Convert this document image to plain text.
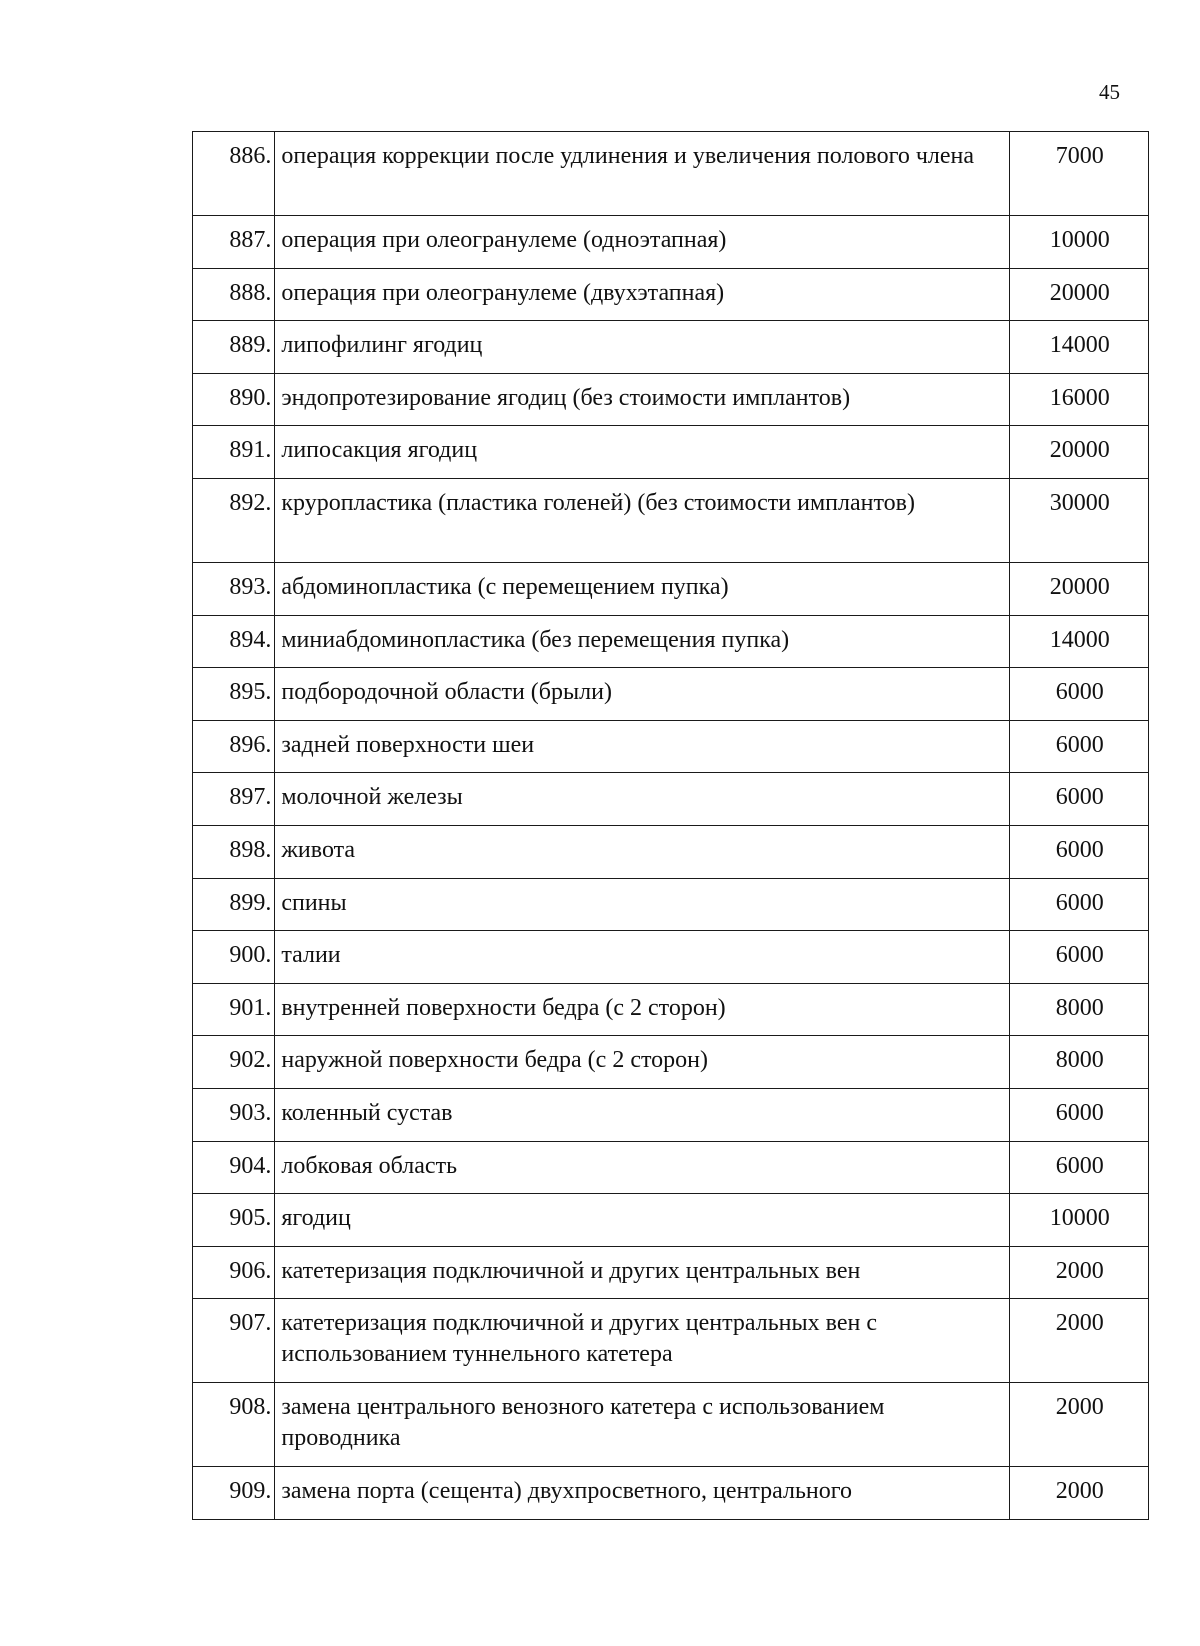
45
886.	операция коррекции после удлинения и увеличения полового члена	7000
887.	операция при олеогранулеме (одноэтапная)	10000
888.	операция при олеогранулеме (двухэтапная)	20000
889.	липофилинг ягодиц	14000
890.	эндопротезирование ягодиц (без стоимости имплантов)	16000
891.	липосакция ягодиц	20000
892.	круропластика (пластика голеней) (без стоимости имплантов)	30000
893.	абдоминопластика (с перемещением пупка)	20000
894.	миниабдоминопластика (без перемещения пупка)	14000
895.	подбородочной области (брыли)	6000
896.	задней поверхности шеи	6000
897.	молочной железы	6000
898.	живота	6000
899.	спины	6000
900.	талии	6000
901.	внутренней поверхности бедра (с 2 сторон)	8000
902.	наружной поверхности бедра (с 2 сторон)	8000
903.	коленный сустав	6000
904.	лобковая область	6000
905.	ягодиц	10000
906.	катетеризация подключичной и других центральных вен	2000
907.	катетеризация подключичной и других центральных вен с использованием туннельного катетера	2000
908.	замена центрального венозного катетера с использованием проводника	2000
909.	замена порта (сещента) двухпросветного, центрального	2000
